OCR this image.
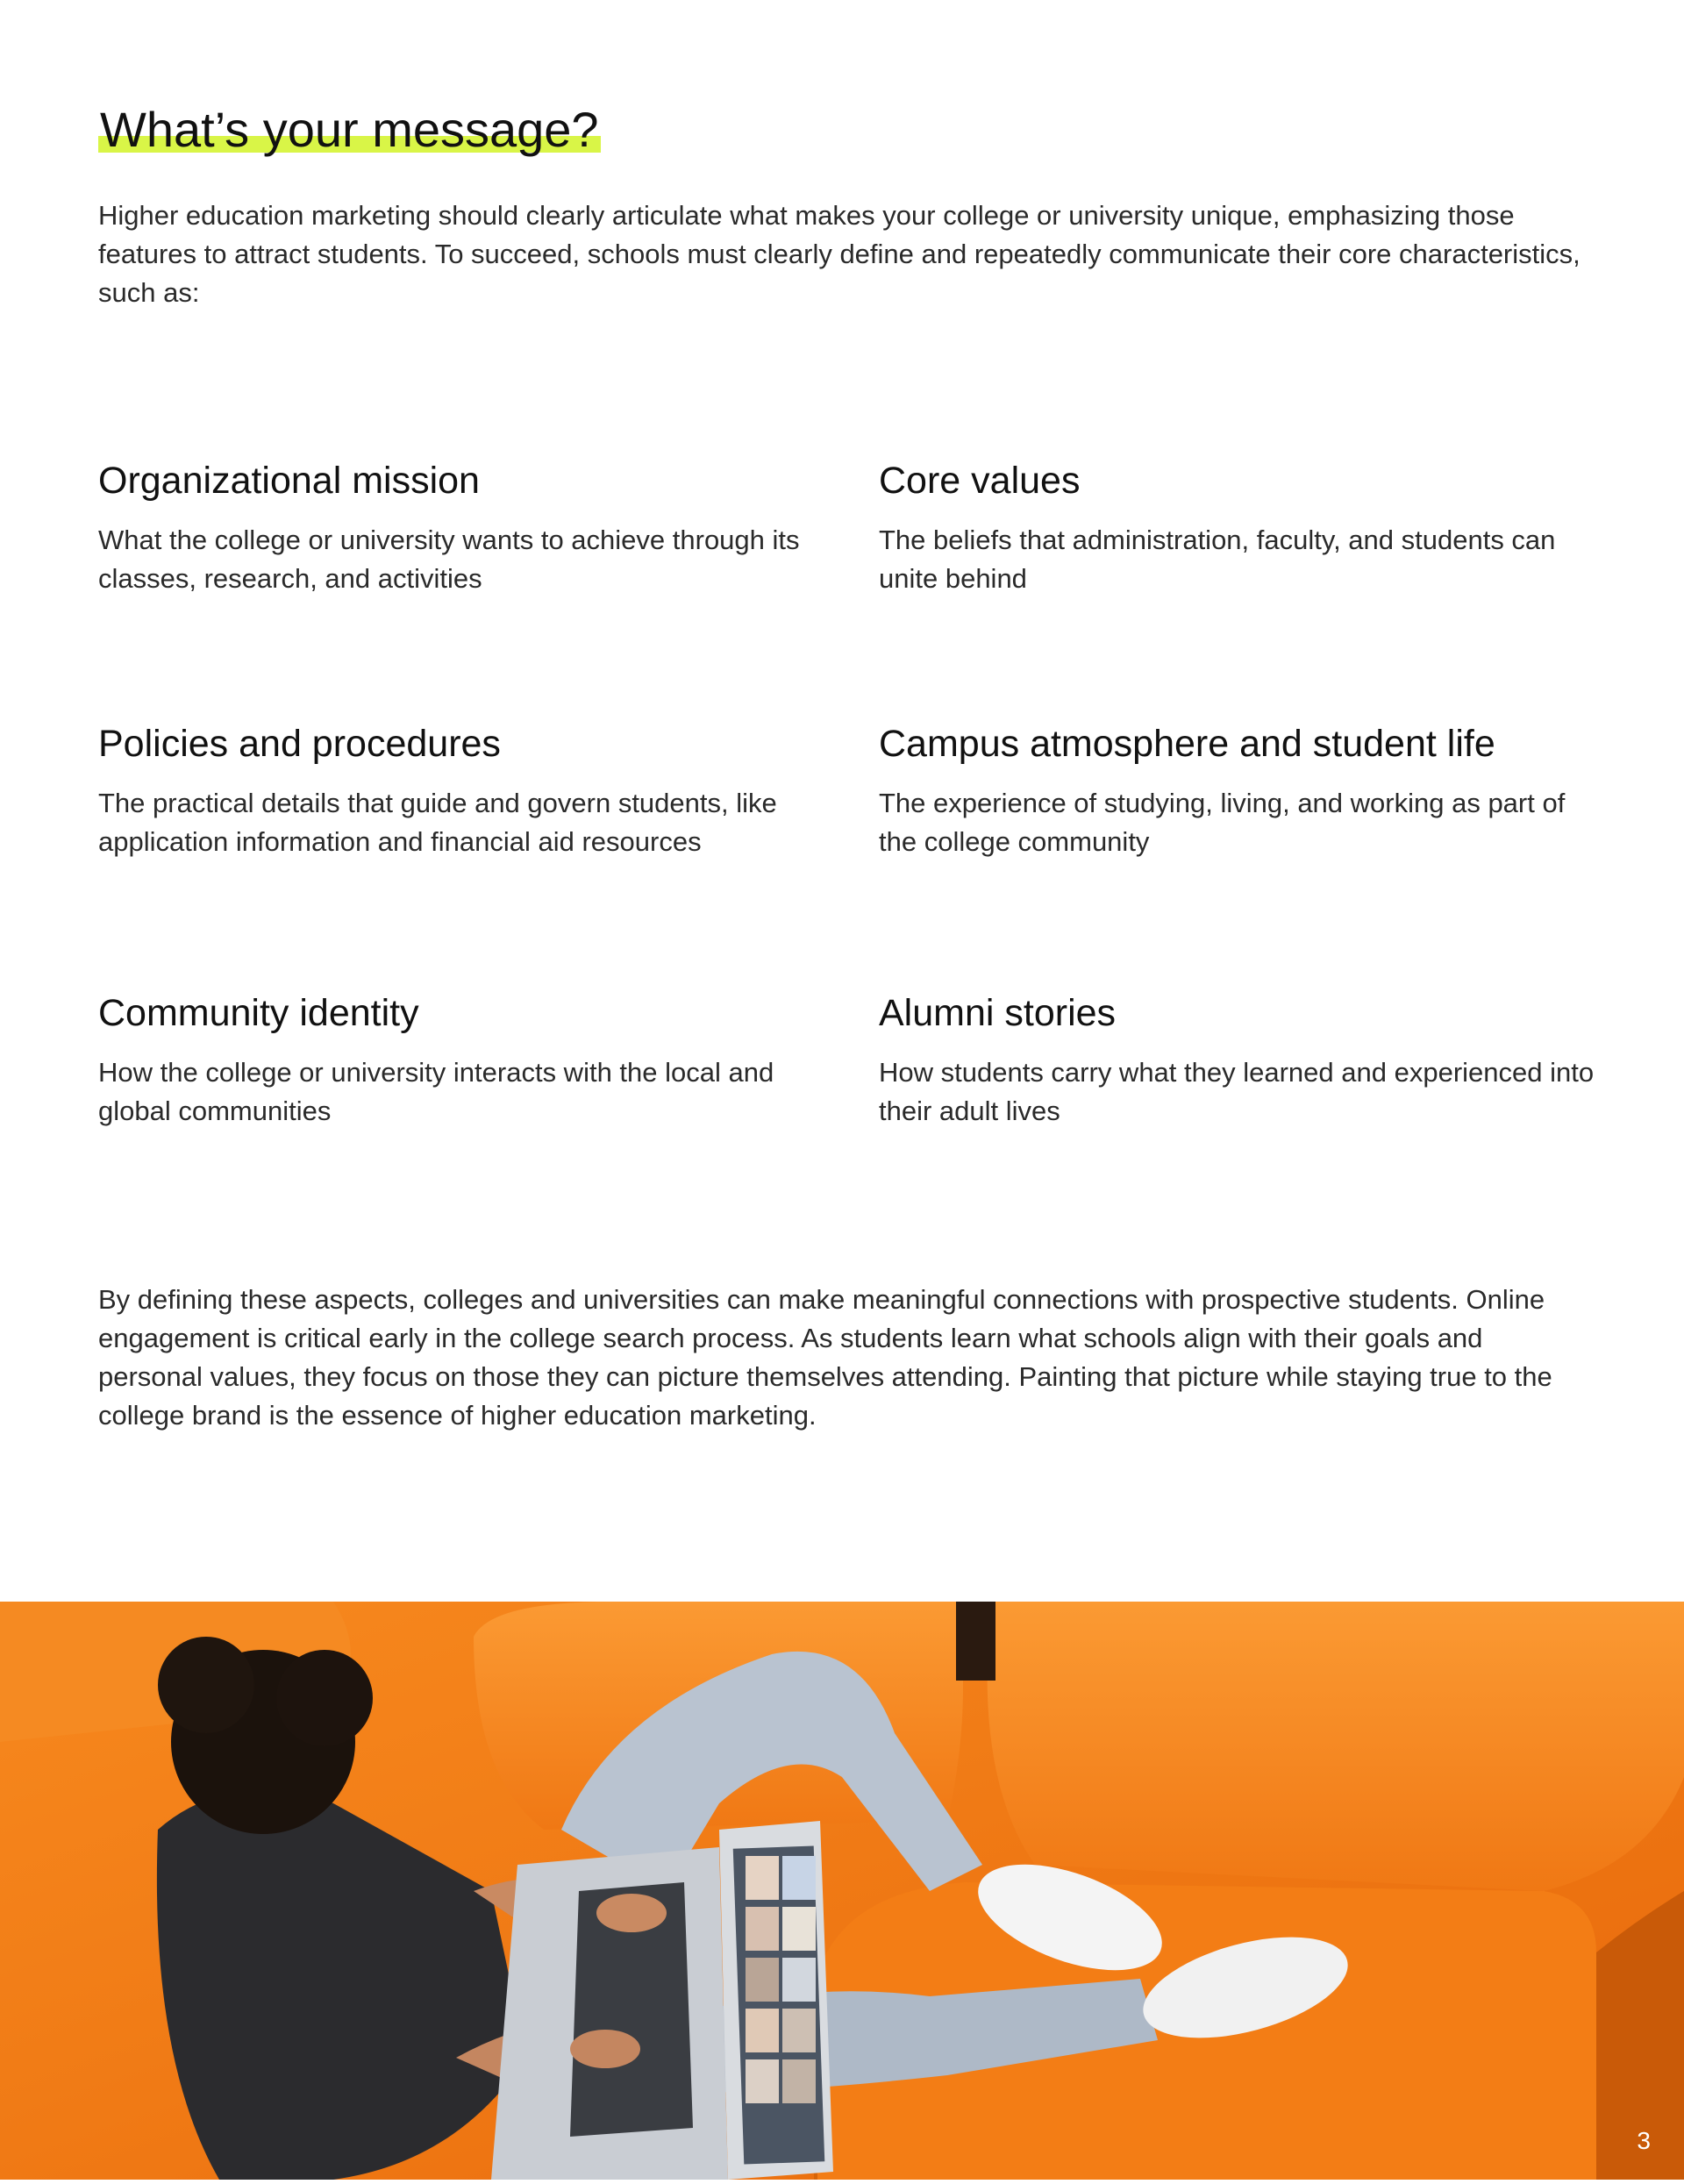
What’s your message?

Higher education marketing should clearly articulate what makes your college or university unique, emphasizing those features to attract students. To succeed, schools must clearly define and repeatedly communicate their core characteristics, such as:

Organizational mission

What the college or university wants to achieve through its classes, research, and activities

Core values

The beliefs that administration, faculty, and students can unite behind

Policies and procedures

The practical details that guide and govern students, like application information and financial aid resources

Campus atmosphere and student life

The experience of studying, living, and working as part of the college community

Community identity

How the college or university interacts with the local and global communities

Alumni stories

How students carry what they learned and experienced into their adult lives

By defining these aspects, colleges and universities can make meaningful connections with prospective students. Online engagement is critical early in the college search process. As students learn what schools align with their goals and personal values, they focus on those they can picture themselves attending. Painting that picture while staying true to the college brand is the essence of higher education marketing.

3
